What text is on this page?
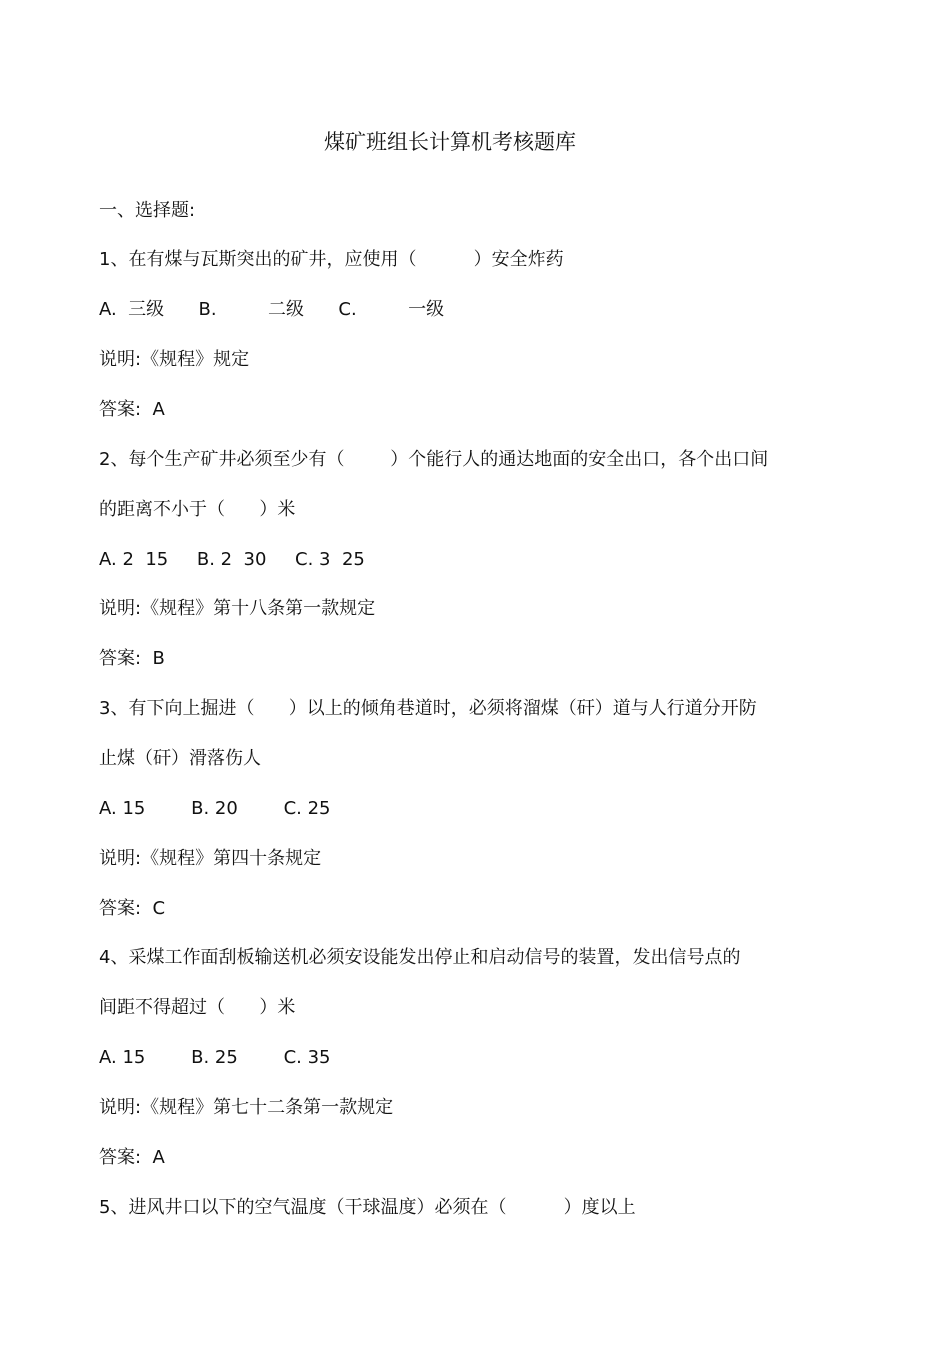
煤矿班组长计算机考核题库
一、选择题:
1、在有煤与瓦斯突出的矿井，应使用（          ）安全炸药
A.  三级      B.         二级      C.         一级
说明:《规程》规定
答案:  A
2、每个生产矿井必须至少有（        ）个能行人的通达地面的安全出口，各个出口间
的距离不小于（      ）米
A. 2  15     B. 2  30     C. 3  25
说明:《规程》第十八条第一款规定
答案:  B
3、有下向上掘进（      ）以上的倾角巷道时，必须将溜煤（矸）道与人行道分开防
止煤（矸）滑落伤人
A. 15        B. 20        C. 25
说明:《规程》第四十条规定
答案:  C
4、采煤工作面刮板输送机必须安设能发出停止和启动信号的装置，发出信号点的
间距不得超过（      ）米
A. 15        B. 25        C. 35
说明:《规程》第七十二条第一款规定
答案:  A
5、进风井口以下的空气温度（干球温度）必须在（          ）度以上
